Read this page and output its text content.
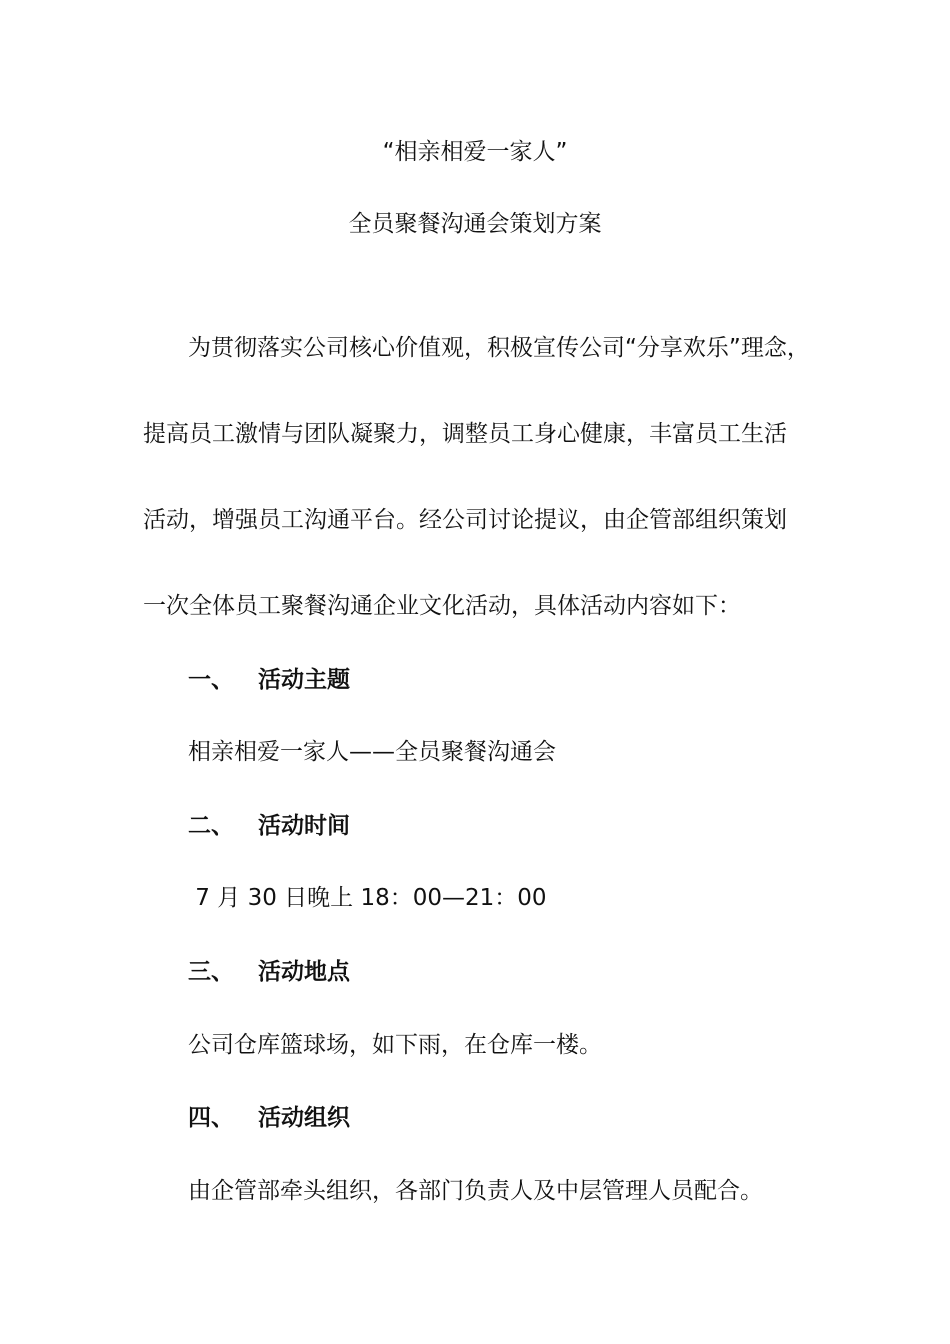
“相亲相爱一家人”
全员聚餐沟通会策划方案
为贯彻落实公司核心价值观，积极宣传公司“分享欢乐”理念，
提高员工激情与团队凝聚力，调整员工身心健康，丰富员工生活
活动，增强员工沟通平台。经公司讨论提议，由企管部组织策划
一次全体员工聚餐沟通企业文化活动，具体活动内容如下：
一、 活动主题
相亲相爱一家人——全员聚餐沟通会
二、 活动时间
7 月 30 日晚上 18：00—21：00
三、 活动地点
公司仓库篮球场，如下雨，在仓库一楼。
四、 活动组织
由企管部牵头组织，各部门负责人及中层管理人员配合。
